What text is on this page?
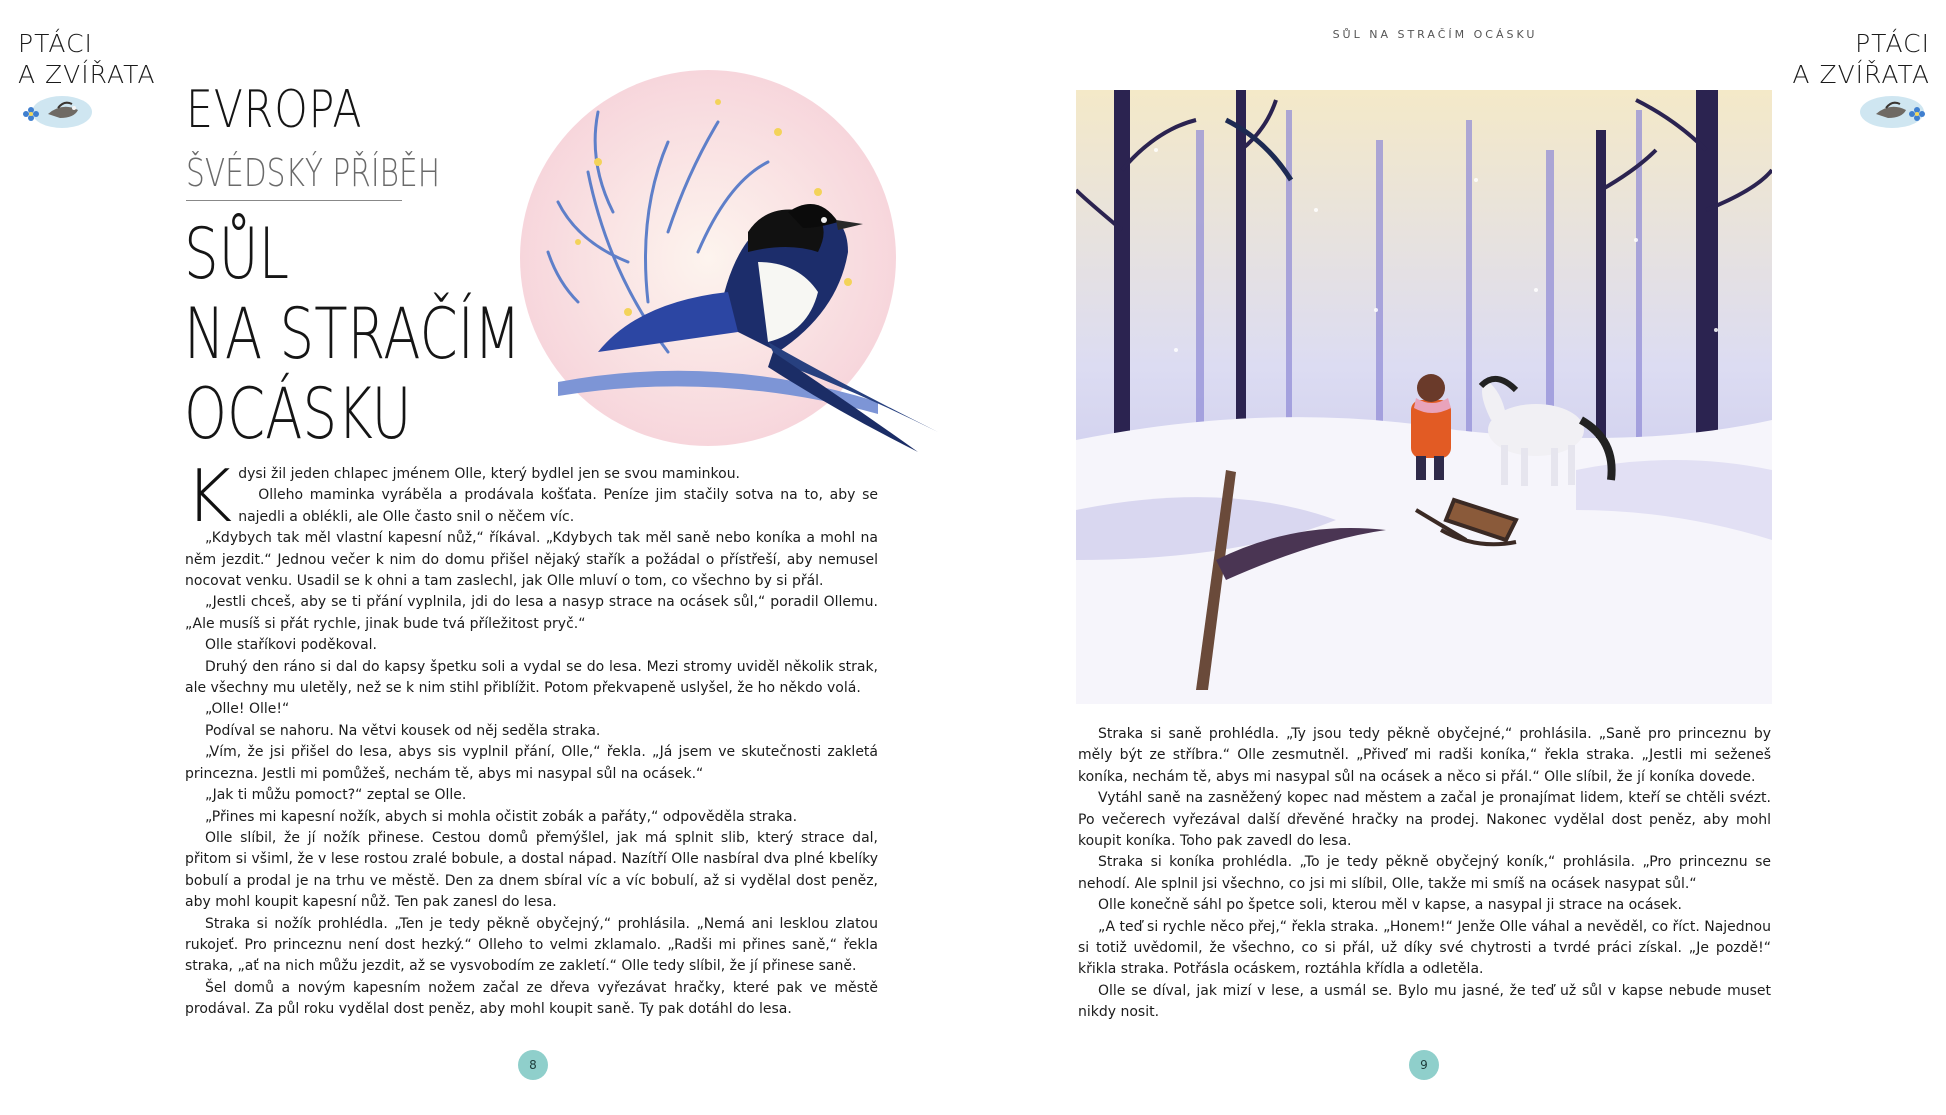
PTÁCI
A ZVÍŘATA
EVROPA
ŠVÉDSKÝ PŘÍBĚH
SŮL
NA STRAČÍM
OCÁSKU

Kdysi žil jeden chlapec jménem Olle, který bydlel jen se svou maminkou.

Olleho maminka vyráběla a prodávala košťata. Peníze jim stačily sotva na to, aby se najedli a oblékli, ale Olle často snil o něčem víc.

„Kdybych tak měl vlastní kapesní nůž,“ říkával. „Kdybych tak měl saně nebo koníka a mohl na něm jezdit.“ Jednou večer k nim do domu přišel nějaký stařík a požádal o přístřeší, aby nemusel nocovat venku. Usadil se k ohni a tam zaslechl, jak Olle mluví o tom, co všechno by si přál.

„Jestli chceš, aby se ti přání vyplnila, jdi do lesa a nasyp strace na ocásek sůl,“ poradil Ollemu. „Ale musíš si přát rychle, jinak bude tvá příležitost pryč.“

Olle staříkovi poděkoval.

Druhý den ráno si dal do kapsy špetku soli a vydal se do lesa. Mezi stromy uviděl několik strak, ale všechny mu uletěly, než se k nim stihl přiblížit. Potom překvapeně uslyšel, že ho někdo volá.

„Olle! Olle!“

Podíval se nahoru. Na větvi kousek od něj seděla straka.

„Vím, že jsi přišel do lesa, abys sis vyplnil přání, Olle,“ řekla. „Já jsem ve skutečnosti zakletá princezna. Jestli mi pomůžeš, nechám tě, abys mi nasypal sůl na ocásek.“

„Jak ti můžu pomoct?“ zeptal se Olle.

„Přines mi kapesní nožík, abych si mohla očistit zobák a pařáty,“ odpověděla straka.

Olle slíbil, že jí nožík přinese. Cestou domů přemýšlel, jak má splnit slib, který strace dal, přitom si všiml, že v lese rostou zralé bobule, a dostal nápad. Nazítří Olle nasbíral dva plné kbelíky bobulí a prodal je na trhu ve městě. Den za dnem sbíral víc a víc bobulí, až si vydělal dost peněz, aby mohl koupit kapesní nůž. Ten pak zanesl do lesa.

Straka si nožík prohlédla. „Ten je tedy pěkně obyčejný,“ prohlásila. „Nemá ani lesklou zlatou rukojeť. Pro princeznu není dost hezký.“ Olleho to velmi zklamalo. „Radši mi přines saně,“ řekla straka, „ať na nich můžu jezdit, až se vysvobodím ze zakletí.“ Olle tedy slíbil, že jí přinese saně.

Šel domů a novým kapesním nožem začal ze dřeva vyřezávat hračky, které pak ve městě prodával. Za půl roku vydělal dost peněz, aby mohl koupit saně. Ty pak dotáhl do lesa.

8
SŮL NA STRAČÍM OCÁSKU	PTÁCI
A ZVÍŘATA

Straka si saně prohlédla. „Ty jsou tedy pěkně obyčejné,“ prohlásila. „Saně pro princeznu by měly být ze stříbra.“ Olle zesmutněl. „Přiveď mi radši koníka,“ řekla straka. „Jestli mi seženeš koníka, nechám tě, abys mi nasypal sůl na ocásek a něco si přál.“ Olle slíbil, že jí koníka dovede.

Vytáhl saně na zasněžený kopec nad městem a začal je pronajímat lidem, kteří se chtěli svézt. Po večerech vyřezával další dřevěné hračky na prodej. Nakonec vydělal dost peněz, aby mohl koupit koníka. Toho pak zavedl do lesa.

Straka si koníka prohlédla. „To je tedy pěkně obyčejný koník,“ prohlásila. „Pro princeznu se nehodí. Ale splnil jsi všechno, co jsi mi slíbil, Olle, takže mi smíš na ocásek nasypat sůl.“

Olle konečně sáhl po špetce soli, kterou měl v kapse, a nasypal ji strace na ocásek.

„A teď si rychle něco přej,“ řekla straka. „Honem!“ Jenže Olle váhal a nevěděl, co říct. Najednou si totiž uvědomil, že všechno, co si přál, už díky své chytrosti a tvrdé práci získal. „Je pozdě!“ křikla straka. Potřásla ocáskem, roztáhla křídla a odletěla.

Olle se díval, jak mizí v lese, a usmál se. Bylo mu jasné, že teď už sůl v kapse nebude muset nikdy nosit.

9
